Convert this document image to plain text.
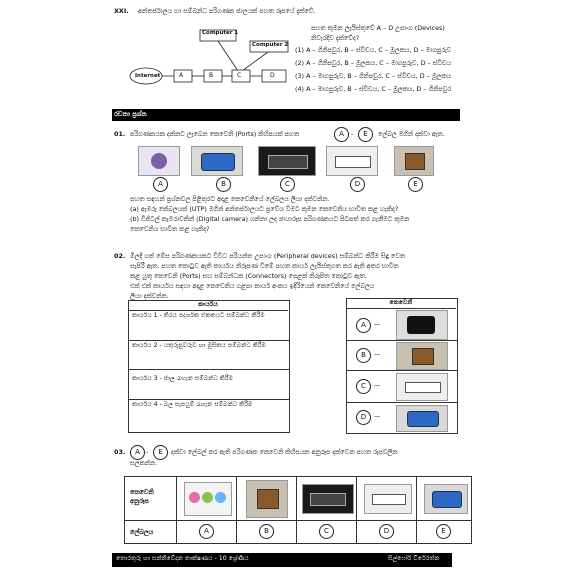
XXI. අන්තර්ජාලය හා සම්බන්ධ පරිගණක ජාලයක් පහත රූපයේ දැක්වේ.
Computer 1
Computer 2
Internet	A	B	C	D
පහත කුමන ලැයිස්තුවේ A – D උපාංග (Devices)
නිවැරදිව දැක්වේද?
(1) A – ගිනිපවුර, B – ස්විචය, C – මූලකය, D – මාගපුරුව
(2) A – ගිනිපවුර, B – මූලකය, C – මාගපුරුව, D – ස්විචය
(3) A – මාගපුරුව, B – ගිනිපවුර, C – ස්විචය, D – මූලකය
(4) A – මාගපුරුව, B – ස්විචය, C – මූලකය, D – ගිනිපවුර
රචනා ප්‍රශ්න
01. පරිගණකයක දක්නට ලැබෙන කෙවෙනි (Ports) කිහිපයක් පහත	A	-	E	ලේබල මගින් දක්වා ඇත.
A	B	C	D	E
පහත සඳහන් ප්‍රශ්නවල පිළිතුරට අදාළ කෙවෙනියේ ලේබලය ලියා දක්වන්න.
(a) ඇඹරු කේබලයක් (UTP) මගින් අන්තර්ජාලයට ප්‍රවේශ වීමට කුමන කෙවෙනිය භාවිත කළ හැකිද?
(b) ඩිජිටල් කැමරාවකින් (Digital camera) ගන්නා ලද ඡායාරූප පරිගණකයට පිටපත් කර ගැනීමට කුමන
කෙවෙනිය භාවිත කළ හැකිද?
02. මිලදී ගත් මේස පරිගණකයකට විවිධ පරියන්ත උපාංග (Peripheral devices) සම්බන්ධ කිරීම සිඳු වෙත
සැපිරී ඇත. පහත කොටුව ඇති කාර්යය නිරූපණ වීමේ පහත කාර්ය ලැයිස්තුගත කර ඇති අතර භාවිත
කළ යුතු කෙවෙනි (Ports) සහ සම්බන්ධක (Connectors) පෙළක් නිරූපිත කොටුව ඇත.
එක් එක් කාර්යය සඳහා අදාළ කෙවෙනිය ගළපා කාර්ය අංකය ඉදිරියෙන් කෙවෙනියේ ලේබලය
ලියා දක්වන්න.
කාර්යය
කාර්යය 1 - තිරය පදර්ශක ඒකකයට සම්බන්ධ කිරීම
කාර්යය 2 - යතුරුපුවරුව හා මූසිකය සම්බන්ධ කිරීම
කාර්යය 3 - ජාල රැහැන සම්බන්ධ කිරීම
කාර්යය 4 - බල සැපයුම් රැහැන සම්බන්ධ කිරීම
කෙවෙනි
A	—
B	—
C	—
D	—
03.	A -	E	දක්වා ලේබල් කර ඇති පරිගණක කෙවෙනි කිහිපයක අනුරූප දක්වෙන පහත රූපවලින
සලකන්න.
කෙවෙනි
අනුරූප
ලේබලය	A	B	C	D	E
තොරතුරු හා සන්නිවේදන තාක්ෂණය - 10 ශ්‍රේණිය	සිල්ෆෝර් විරේරත්න
